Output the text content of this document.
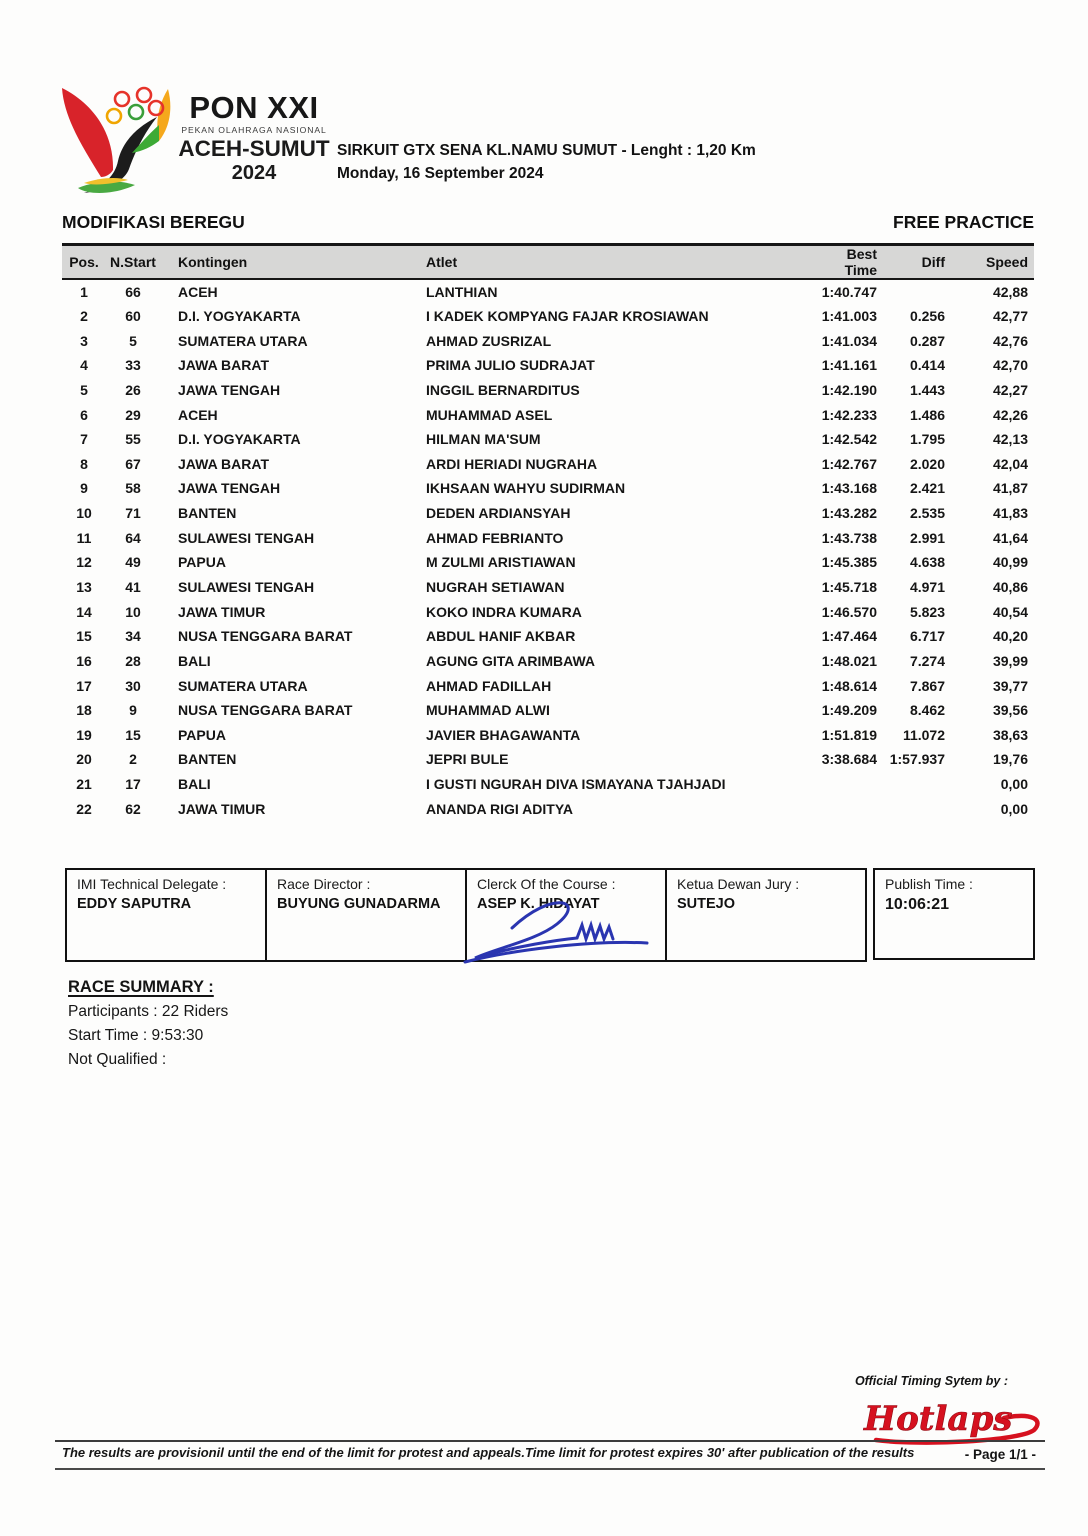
PON XXI
PEKAN OLAHRAGA NASIONAL
ACEH-SUMUT
2024
SIRKUIT GTX SENA KL.NAMU SUMUT - Lenght : 1,20 Km
Monday, 16 September 2024
MODIFIKASI BEREGU	FREE PRACTICE
Pos.	N.Start	Kontingen	Atlet	Best Time	Diff	Speed
1	66	ACEH	LANTHIAN	1:40.747		42,88
2	60	D.I. YOGYAKARTA	I KADEK KOMPYANG FAJAR KROSIAWAN	1:41.003	0.256	42,77
3	5	SUMATERA UTARA	AHMAD ZUSRIZAL	1:41.034	0.287	42,76
4	33	JAWA BARAT	PRIMA JULIO SUDRAJAT	1:41.161	0.414	42,70
5	26	JAWA TENGAH	INGGIL BERNARDITUS	1:42.190	1.443	42,27
6	29	ACEH	MUHAMMAD ASEL	1:42.233	1.486	42,26
7	55	D.I. YOGYAKARTA	HILMAN MA'SUM	1:42.542	1.795	42,13
8	67	JAWA BARAT	ARDI HERIADI NUGRAHA	1:42.767	2.020	42,04
9	58	JAWA TENGAH	IKHSAAN WAHYU SUDIRMAN	1:43.168	2.421	41,87
10	71	BANTEN	DEDEN ARDIANSYAH	1:43.282	2.535	41,83
11	64	SULAWESI TENGAH	AHMAD FEBRIANTO	1:43.738	2.991	41,64
12	49	PAPUA	M ZULMI ARISTIAWAN	1:45.385	4.638	40,99
13	41	SULAWESI TENGAH	NUGRAH SETIAWAN	1:45.718	4.971	40,86
14	10	JAWA TIMUR	KOKO INDRA KUMARA	1:46.570	5.823	40,54
15	34	NUSA TENGGARA BARAT	ABDUL HANIF AKBAR	1:47.464	6.717	40,20
16	28	BALI	AGUNG GITA ARIMBAWA	1:48.021	7.274	39,99
17	30	SUMATERA UTARA	AHMAD FADILLAH	1:48.614	7.867	39,77
18	9	NUSA TENGGARA BARAT	MUHAMMAD ALWI	1:49.209	8.462	39,56
19	15	PAPUA	JAVIER BHAGAWANTA	1:51.819	11.072	38,63
20	2	BANTEN	JEPRI BULE	3:38.684	1:57.937	19,76
21	17	BALI	I GUSTI NGURAH DIVA ISMAYANA TJAHJADI			0,00
22	62	JAWA TIMUR	ANANDA RIGI ADITYA			0,00
IMI Technical Delegate :
EDDY SAPUTRA

Race Director :
BUYUNG GUNADARMA

Clerck Of the Course :
ASEP K. HIDAYAT

Ketua Dewan Jury :
SUTEJO
Publish Time :
10:06:21
RACE SUMMARY :
Participants : 22 Riders
Start Time : 9:53:30
Not Qualified :
Official Timing Sytem by :
Hotlaps
The results are provisionil until the end of the limit for protest and appeals.Time limit for protest expires 30' after publication of the results	- Page 1/1 -
